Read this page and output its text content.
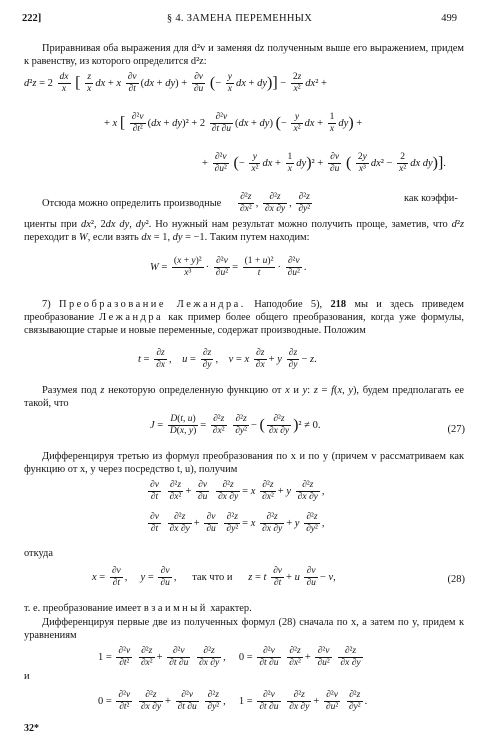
222]	§ 4. ЗАМЕНА ПЕРЕМЕННЫХ	499
Приравнивая оба выражения для d²v и заменяя dz полученным выше его выражением, придем к равенству, из которого определится d²z:
$d^2z = 2 \frac{dx}{x}$ [ $\frac{z}{x}$ dx + x $\frac{\partial v}{\partial t} (dx + dy) + \frac{\partial v}{\partial u}$ (− $\frac{y}{x}$ dx + $dy)] - \frac{2z}{\text{x²}} dx^2$ +
+ x [ $\frac{\text{∂²v}}{\text{∂t²}} (dx + dy)^2 + 2 \frac{\text{∂²v}}{\partial t \partial u} (dx + dy)$ (− $\frac{y}{\text{x²}}$ dx + $\frac{1}{x} dy$) +
+ $\frac{\text{∂²v}}{\text{∂u²}}$ (− $\frac{y}{\text{x²}}$ dx + $\frac{1}{x} dy)^2 + \frac{\partial v}{\partial u}$ ( $\frac{2y}{\text{x³}} dx^2 - \frac{2}{\text{x²}}$ dx dy)].
Отсюда можно определить производные $\frac{\text{∂²z}}{\text{∂x²}}$ , $\frac{\text{∂²z}}{\partial x \partial y}$ , $\frac{\text{∂²z}}{\text{∂y²}}$	как коэффи-
циенты при dx², 2dx dy, dy². Но нужный нам результат можно получить проще, заметив, что d²z переходит в W, если взять dx = 1, dy = −1. Таким путем находим:
$W = \frac{\text{(x + y)²}}{\text{x³}} \cdot \frac{\text{∂²v}}{\text{∂u²}} = \frac{\text{(1 + u)²}}{t} \cdot \frac{\text{∂²v}}{\text{∂u²}}$ .
7) Преобразование Лежандра. Наподобие 5), 218 мы и здесь приведем преобразование Лежандра как пример более общего преобразования, когда уже формулы, связывающие старые и новые переменные, содержат производные. Положим
$t = \frac{\partial z}{\partial x}$ ,    $u = \frac{\partial z}{\partial y}$ ,    v = x $\frac{\partial z}{\partial x} + y \frac{\partial z}{\partial y} - z$.
Разумея под z некоторую определенную функцию от x и y: z = f(x, y), будем предполагать ее такой, что
$J = \frac{D(t, u)}{D(x, y)} = \frac{\text{∂²z}}{\text{∂x²}}$
$\frac{\text{∂²z}}{\text{∂y²}}$ − ( $\frac{\text{∂²z}}{\partial x \partial y} )^2 \ne 0$.	(27)
Дифференцируя третью из формул преобразования по x и по y (причем v рассматриваем как функцию от x, y через посредство t, u), получим
$\frac{\partial v}{\partial t}$
$\frac{\text{∂²z}}{\text{∂x²}} + \frac{\partial v}{\partial u}$
$\frac{\text{∂²z}}{\partial x \partial y} = x \frac{\text{∂²z}}{\text{∂x²}} + y \frac{\text{∂²z}}{\partial x \partial y}$ ,
$\frac{\partial v}{\partial t}$
$\frac{\text{∂²z}}{\partial x \partial y} + \frac{\partial v}{\partial u}$
$\frac{\text{∂²z}}{\text{∂y²}} = x \frac{\text{∂²z}}{\partial x \partial y} + y \frac{\text{∂²z}}{\text{∂y²}}$ ,
откуда
$x = \frac{\partial v}{\partial t}$ ,     $y = \frac{\partial v}{\partial u}$ ,      так что и z = t $\frac{\partial v}{\partial t} + u \frac{\partial v}{\partial u} - v$,	(28)
т. е. преобразование имеет взаимный характер.
Дифференцируя первые две из полученных формул (28) сначала по x, а затем по y, придем к уравнениям
$1 = \frac{\text{∂²v}}{\text{∂t²}}$
$\frac{\text{∂²z}}{\text{∂x²}} + \frac{\text{∂²v}}{\partial t \partial u}$
$\frac{\text{∂²z}}{\partial x \partial y}$ ,     $0 = \frac{\text{∂²v}}{\partial t \partial u}$
$\frac{\text{∂²z}}{\text{∂x²}} + \frac{\text{∂²v}}{\text{∂u²}}$
$\frac{\text{∂²z}}{\partial x \partial y}$
и
$0 = \frac{\text{∂²v}}{\text{∂t²}}$
$\frac{\text{∂²z}}{\partial x \partial y} + \frac{\text{∂²v}}{\partial t \partial u}$
$\frac{\text{∂²z}}{\text{∂y²}}$ ,     $1 = \frac{\text{∂²v}}{\partial t \partial u}$
$\frac{\text{∂²z}}{\partial x \partial y} + \frac{\text{∂²v}}{\text{∂u²}}$
$\frac{\text{∂²z}}{\text{∂y²}}$ .
32*
